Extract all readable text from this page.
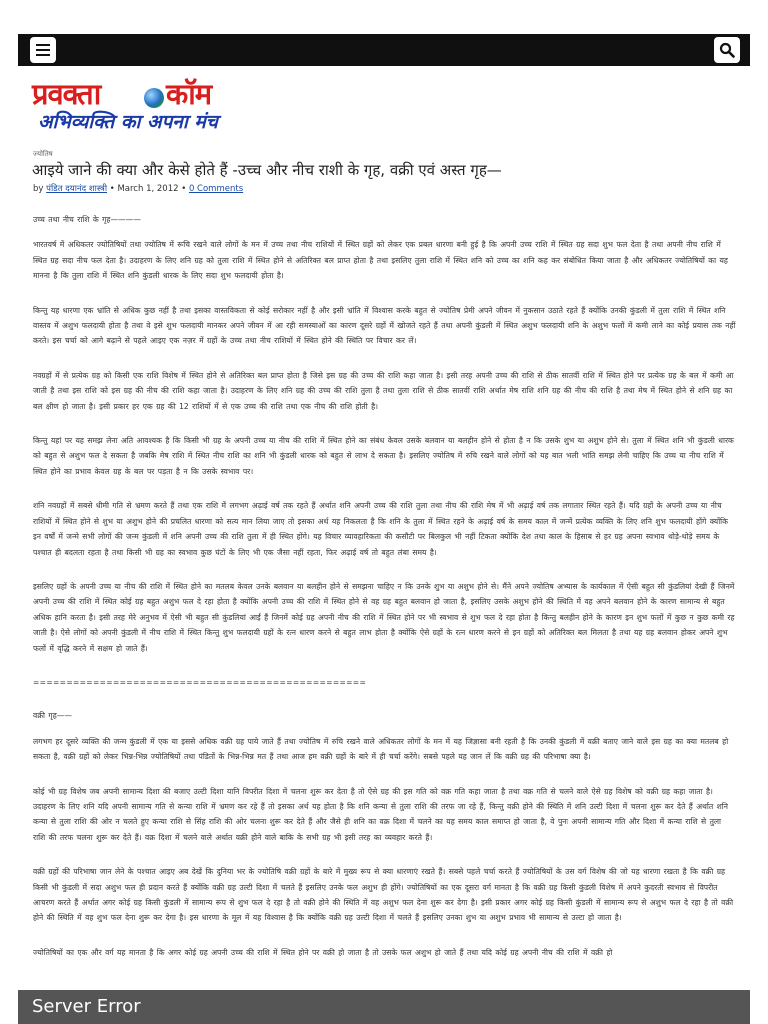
प्रवक्ता कॉम
अभिव्यक्ति का अपना मंच
ज्योतिष
आइये जाने की क्या और केसे होते हैं -उच्च और नीच राशी के गृह, वक्री एवं अस्त गृह—
by पंडित दयानंद शास्त्री • March 1, 2012 • 0 Comments

उच्च तथा नीच राशि के गृह————

भारतवर्ष में अधिकतर ज्योतिषियों तथा ज्योतिष में रूचि रखने वाले लोगों के मन में उच्च तथा नीच राशियों में स्थित ग्रहों को लेकर एक प्रबल धारणा बनी हुई है कि अपनी उच्च राशि में स्थित ग्रह सदा शुभ फल देता है तथा अपनी नीच राशि में स्थित ग्रह सदा नीच फल देता है। उदाहरण के लिए शनि ग्रह को तुला राशि में स्थित होने से अतिरिक्त बल प्राप्त होता है तथा इसलिए तुला राशि में स्थित शनि को उच्च का शनि कह कर संबोधित किया जाता है और अधिकतर ज्योतिषियों का यह मानना है कि तुला राशि में स्थित शनि कुंडली धारक के लिए सदा शुभ फलदायी होता है।

किन्तु यह धारणा एक भ्रांति से अधिक कुछ नहीं है तथा इसका वास्तविकता से कोई सरोकार नहीं है और इसी भ्रांति में विश्वास करके बहुत से ज्योतिष प्रेमी अपने जीवन में नुकसान उठाते रहते हैं क्योंकि उनकी कुंडली में तुला राशि में स्थित शनि वास्तव में अशुभ फलदायी होता है तथा वे इसे शुभ फलदायी मानकर अपने जीवन में आ रही समस्याओं का कारण दूसरे ग्रहों में खोजते रहते हैं तथा अपनी कुंडली में स्थित अशुभ फलदायी शनि के अशुभ फलों में कमी लाने का कोई प्रयास तक नहीं करते। इस चर्चा को आगे बढ़ाने से पहले आइए एक नज़र में ग्रहों के उच्च तथा नीच राशियों में स्थित होने की स्थिति पर विचार कर लें।

नवग्रहों में से प्रत्येक ग्रह को किसी एक राशि विशेष में स्थित होने से अतिरिक्त बल प्राप्त होता है जिसे इस ग्रह की उच्च की राशि कहा जाता है। इसी तरह अपनी उच्च की राशि से ठीक सातवीं राशि में स्थित होने पर प्रत्येक ग्रह के बल में कमी आ जाती है तथा इस राशि को इस ग्रह की नीच की राशि कहा जाता है। उदाहरण के लिए शनि ग्रह की उच्च की राशि तुला है तथा तुला राशि से ठीक सातवीं राशि अर्थात मेष राशि शनि ग्रह की नीच की राशि है तथा मेष में स्थित होने से शनि ग्रह का बल क्षीण हो जाता है। इसी प्रकार हर एक ग्रह की 12 राशियों में से एक उच्च की राशि तथा एक नीच की राशि होती है।

किन्तु यहां पर यह समझ लेना अति आवश्यक है कि किसी भी ग्रह के अपनी उच्च या नीच की राशि में स्थित होने का संबंध केवल उसके बलवान या बलहीन होने से होता है न कि उसके शुभ या अशुभ होने से। तुला में स्थित शनि भी कुंडली धारक को बहुत से अशुभ फल दे सकता है जबकि मेष राशि में स्थित नीच राशि का शनि भी कुंडली धारक को बहुत से लाभ दे सकता है। इसलिए ज्योतिष में रुचि रखने वाले लोगों को यह बात भली भांति समझ लेनी चाहिए कि उच्च या नीच राशि में स्थित होने का प्रभाव केवल ग्रह के बल पर पड़ता है न कि उसके स्वभाव पर।

शनि नवग्रहों में सबसे धीमी गति से भ्रमण करते हैं तथा एक राशि में लगभग अढ़ाई वर्ष तक रहते हैं अर्थात शनि अपनी उच्च की राशि तुला तथा नीच की राशि मेष में भी अढ़ाई वर्ष तक लगातार स्थित रहते हैं। यदि ग्रहों के अपनी उच्च या नीच राशियों में स्थित होने से शुभ या अशुभ होने की प्रचलित धारणा को सत्य मान लिया जाए तो इसका अर्थ यह निकलता है कि शनि के तुला में स्थित रहने के अढ़ाई वर्ष के समय काल में जन्में प्रत्येक व्यक्ति के लिए शनि शुभ फलदायी होंगे क्योंकि इन वर्षों में जन्मे सभी लोगों की जन्म कुंडली में शनि अपनी उच्च की राशि तुला में ही स्थित होंगे। यह विचार व्यावहारिकता की कसौटी पर बिलकुल भी नहीं टिकता क्योंकि देश तथा काल के हिसाब से हर ग्रह अपना स्वभाव थोड़े-थोड़े समय के पश्चात ही बदलता रहता है तथा किसी भी ग्रह का स्वभाव कुछ घंटों के लिए भी एक जैसा नहीं रहता, फिर अढ़ाई वर्ष तो बहुत लंबा समय है।

इसलिए ग्रहों के अपनी उच्च या नीच की राशि में स्थित होने का मतलब केवल उनके बलवान या बलहीन होने से समझना चाहिए न कि उनके शुभ या अशुभ होने से। मैंने अपने ज्योतिष अभ्यास के कार्यकाल में ऐसी बहुत सी कुंडलियां देखी हैं जिनमें अपनी उच्च की राशि में स्थित कोई ग्रह बहुत अशुभ फल दे रहा होता है क्योंकि अपनी उच्च की राशि में स्थित होने से वह ग्रह बहुत बलवान हो जाता है, इसलिए उसके अशुभ होने की स्थिति में वह अपने बलवान होने के कारण सामान्य से बहुत अधिक हानि करता है। इसी तरह मेरे अनुभव में ऐसी भी बहुत सी कुंडलियां आईं हैं जिनमें कोई ग्रह अपनी नीच की राशि में स्थित होने पर भी स्वभाव से शुभ फल दे रहा होता है किन्तु बलहीन होने के कारण इन शुभ फलों में कुछ न कुछ कमी रह जाती है। ऐसे लोगों को अपनी कुंडली में नीच राशि में स्थित किन्तु शुभ फलदायी ग्रहों के रत्न धारण करने से बहुत लाभ होता है क्योंकि ऐसे ग्रहों के रत्न धारण करने से इन ग्रहों को अतिरिक्त बल मिलता है तथा यह ग्रह बलवान होकर अपने शुभ फलों में वृद्धि करने में सक्षम हो जाते हैं।

==================================================

वक्री गृह——

लगभग हर दूसरे व्यक्ति की जन्म कुंडली में एक या इससे अधिक वक्री ग्रह पाये जाते हैं तथा ज्योतिष में रुचि रखने वाले अधिकतर लोगों के मन में यह जिज्ञासा बनी रहती है कि उनकी कुंडली में वक्री बताए जाने वाले इस ग्रह का क्या मतलब हो सकता है, वक्री ग्रहों को लेकर भिन्न-भिन्न ज्योतिषियों तथा पंडितों के भिन्न-भिन्न मत हैं तथा आज हम वक्री ग्रहों के बारे में ही चर्चा करेंगे। सबसे पहले यह जान लें कि वक्री ग्रह की परिभाषा क्या है।

कोई भी ग्रह विशेष जब अपनी सामान्य दिशा की बजाए उल्टी दिशा यानि विपरीत दिशा में चलना शुरू कर देता है तो ऐसे ग्रह की इस गति को वक्र गति कहा जाता है तथा वक्र गति से चलने वाले ऐसे ग्रह विशेष को वक्री ग्रह कहा जाता है। उदाहरण के लिए शनि यदि अपनी सामान्य गति से कन्या राशि में भ्रमण कर रहे हैं तो इसका अर्थ यह होता है कि शनि कन्या से तुला राशि की तरफ जा रहे हैं, किन्तु वक्री होने की स्थिति में शनि उल्टी दिशा में चलना शुरू कर देते हैं अर्थात शनि कन्या से तुला राशि की ओर न चलते हुए कन्या राशि से सिंह राशि की ओर चलना शुरू कर देते हैं और जैसे ही शनि का वक्र दिशा में चलने का यह समय काल समाप्त हो जाता है, वे पुनः अपनी सामान्य गति और दिशा में कन्या राशि से तुला राशि की तरफ चलना शुरू कर देते हैं। वक्र दिशा में चलने वाले अर्थात वक्री होने वाले बाकि के सभी ग्रह भी इसी तरह का व्यवहार करते हैं।

वक्री ग्रहों की परिभाषा जान लेने के पश्चात आइए अब देखें कि दुनिया भर के ज्योतिषि वक्री ग्रहों के बारे में मुख्य रूप से क्या धारणाएं रखते हैं। सबसे पहले चर्चा करते हैं ज्योतिषियों के उस वर्ग विशेष की जो यह धारणा रखता है कि वक्री ग्रह किसी भी कुंडली में सदा अशुभ फल ही प्रदान करते हैं क्योंकि वक्री ग्रह उल्टी दिशा में चलते हैं इसलिए उनके फल अशुभ ही होंगे। ज्योतिषियों का एक दूसरा वर्ग मानता है कि वक्री ग्रह किसी कुंडली विशेष में अपने कुदरती स्वभाव से विपरीत आचरण करते हैं अर्थात अगर कोई ग्रह किसी कुंडली में सामान्य रूप से शुभ फल दे रहा है तो वक्री होने की स्थिति में वह अशुभ फल देना शुरू कर देगा है। इसी प्रकार अगर कोई ग्रह किसी कुंडली में सामान्य रूप से अशुभ फल दे रहा है तो वक्री होने की स्थिति में वह शुभ फल देना शुरू कर देगा है। इस धारणा के मूल में यह विश्वास है कि क्योंकि वक्री ग्रह उल्टी दिशा में चलते हैं इसलिए उनका शुभ या अशुभ प्रभाव भी सामान्य से उल्टा हो जाता है।

ज्योतिषियों का एक और वर्ग यह मानता है कि अगर कोई ग्रह अपनी उच्च की राशि में स्थित होने पर वक्री हो जाता है तो उसके फल अशुभ हो जाते हैं तथा यदि कोई ग्रह अपनी नीच की राशि में वक्री हो

Server Error
